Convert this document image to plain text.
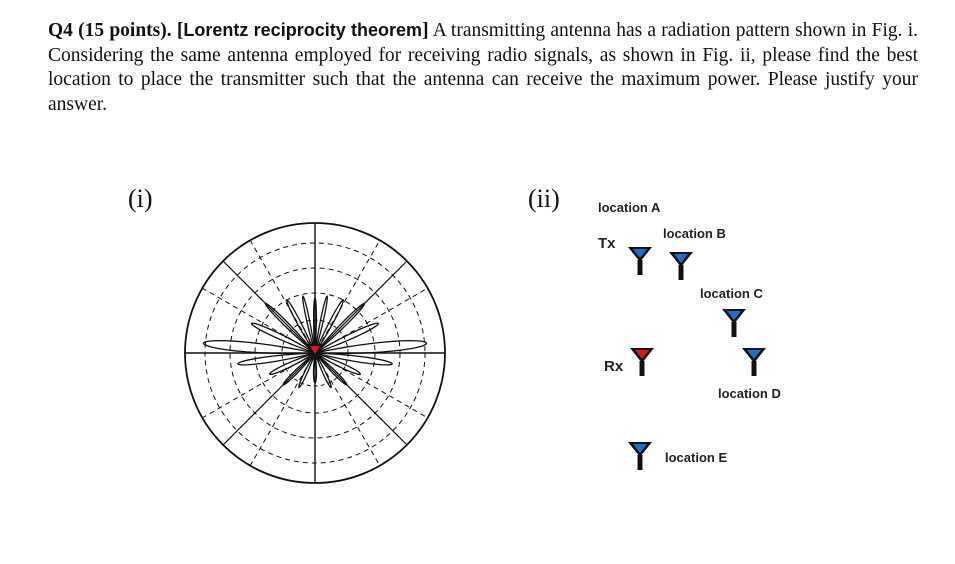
Q4 (15 points). [Lorentz reciprocity theorem] A transmitting antenna has a radiation pattern shown in Fig. i. Considering the same antenna employed for receiving radio signals, as shown in Fig. ii, please find the best location to place the transmitter such that the antenna can receive the maximum power. Please justify your answer.
(i)	(ii)	location A
location B
Tx
location C
Rx
location D
location E
